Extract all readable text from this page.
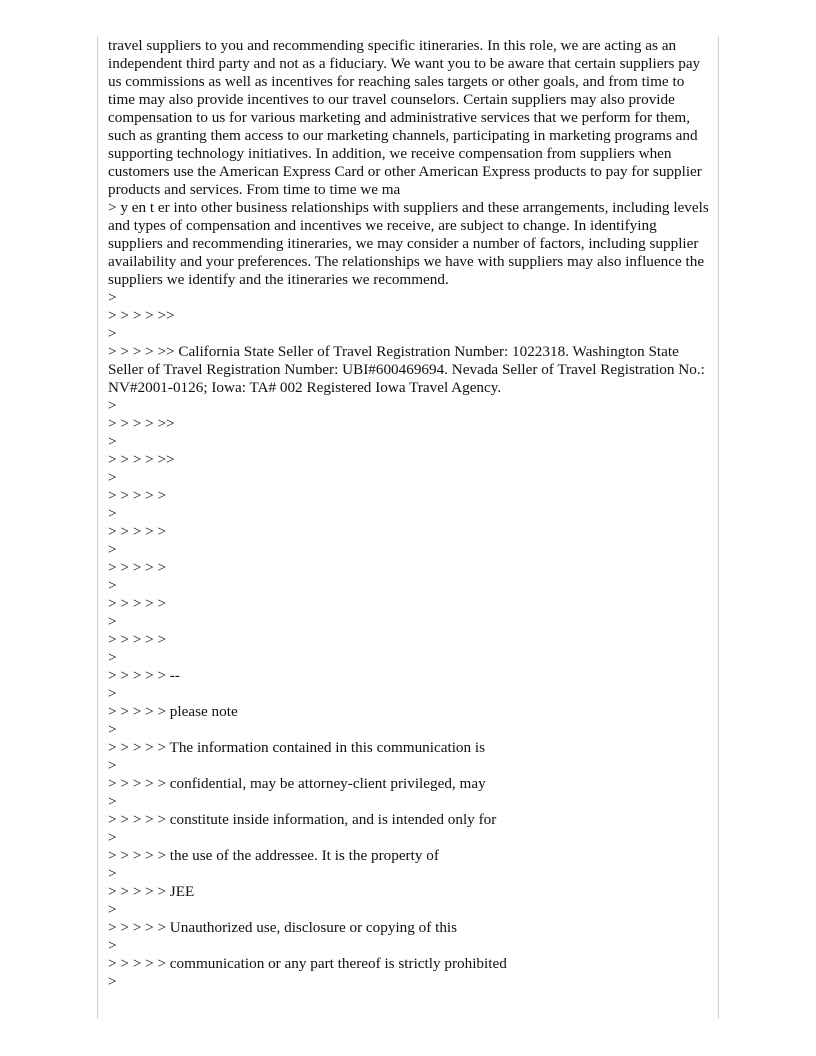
travel suppliers to you and recommending specific itineraries. In this role, we are acting as an independent third party and not as a fiduciary. We want you to be aware that certain suppliers pay us commissions as well as incentives for reaching sales targets or other goals, and from time to time may also provide incentives to our travel counselors. Certain suppliers may also provide compensation to us for various marketing and administrative services that we perform for them, such as granting them access to our marketing channels, participating in marketing programs and supporting technology initiatives. In addition, we receive compensation from suppliers when customers use the American Express Card or other American Express products to pay for supplier products and services. From time to time we ma

> y en t er into other business relationships with suppliers and these arrangements, including levels and types of compensation and incentives we receive, are subject to change. In identifying suppliers and recommending itineraries, we may consider a number of factors, including supplier availability and your preferences. The relationships we have with suppliers may also influence the suppliers we identify and the itineraries we recommend.

>
> > > > >>
>

> > > > >> California State Seller of Travel Registration Number: 1022318. Washington State Seller of Travel Registration Number: UBI#600469694. Nevada Seller of Travel Registration No.: NV#2001-0126; Iowa: TA# 002 Registered Iowa Travel Agency.

>
> > > > >>
>
> > > > >>
>
> > > > >
>
> > > > >
>
> > > > >
>
> > > > >
>
> > > > >
>
> > > > > --
>
> > > > > please note
>
> > > > > The information contained in this communication is
>
> > > > > confidential, may be attorney-client privileged, may
>
> > > > > constitute inside information, and is intended only for
>
> > > > > the use of the addressee. It is the property of
>
> > > > > JEE
>
> > > > > Unauthorized use, disclosure or copying of this
>
> > > > > communication or any part thereof is strictly prohibited
>
